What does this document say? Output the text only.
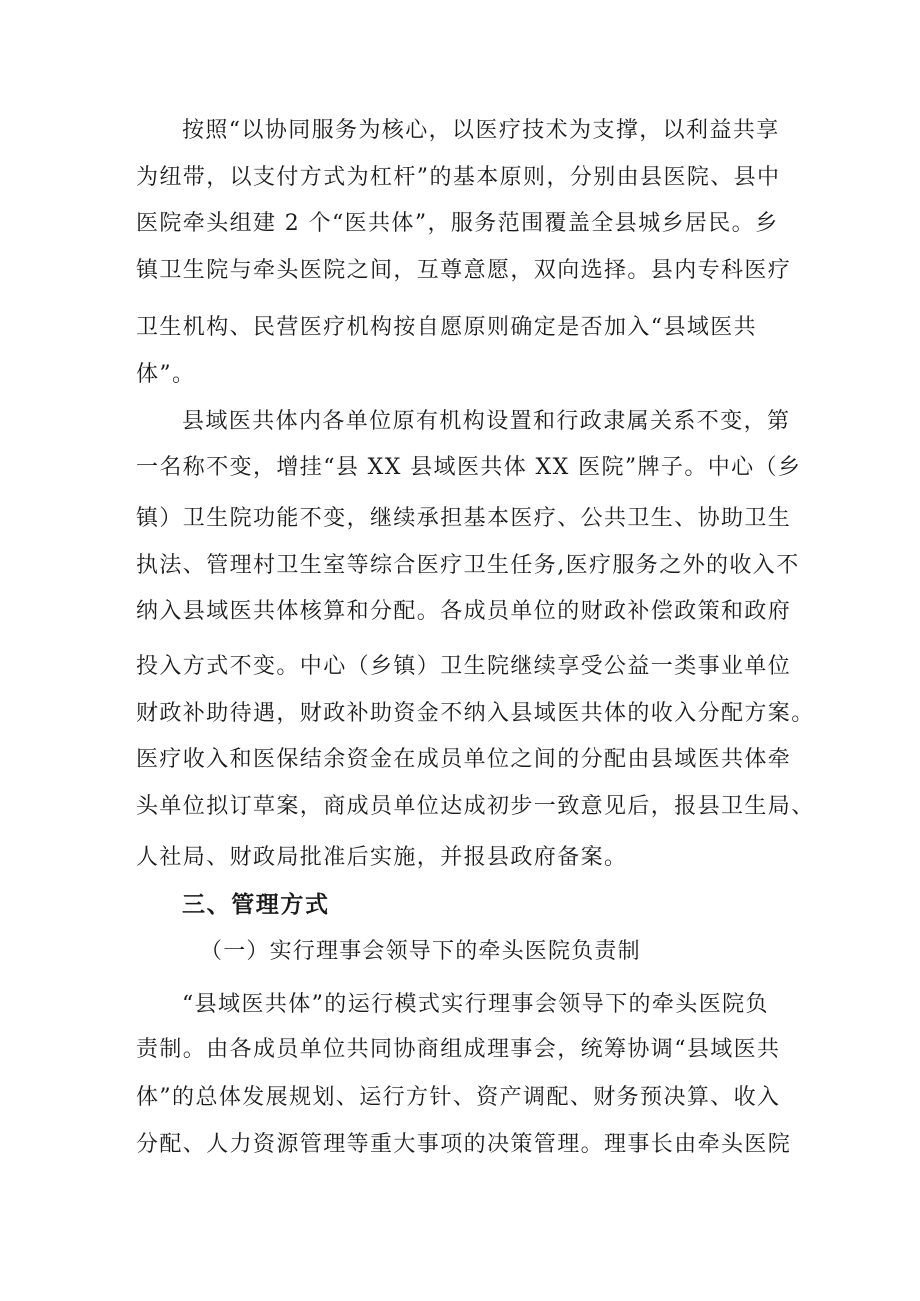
按照“以协同服务为核心，以医疗技术为支撑，以利益共享

为纽带，以支付方式为杠杆”的基本原则，分别由县医院、县中

医院牵头组建 2 个“医共体”，服务范围覆盖全县城乡居民。乡

镇卫生院与牵头医院之间，互尊意愿，双向选择。县内专科医疗

卫生机构、民营医疗机构按自愿原则确定是否加入“县域医共

体”。

县域医共体内各单位原有机构设置和行政隶属关系不变，第

一名称不变，增挂“县 XX 县域医共体 XX 医院”牌子。中心（乡

镇）卫生院功能不变，继续承担基本医疗、公共卫生、协助卫生

执法、管理村卫生室等综合医疗卫生任务,医疗服务之外的收入不

纳入县域医共体核算和分配。各成员单位的财政补偿政策和政府

投入方式不变。中心（乡镇）卫生院继续享受公益一类事业单位

财政补助待遇，财政补助资金不纳入县域医共体的收入分配方案。

医疗收入和医保结余资金在成员单位之间的分配由县域医共体牵

头单位拟订草案，商成员单位达成初步一致意见后，报县卫生局、

人社局、财政局批准后实施，并报县政府备案。

三、管理方式

（一）实行理事会领导下的牵头医院负责制

“县域医共体”的运行模式实行理事会领导下的牵头医院负

责制。由各成员单位共同协商组成理事会，统筹协调“县域医共

体”的总体发展规划、运行方针、资产调配、财务预决算、收入

分配、人力资源管理等重大事项的决策管理。理事长由牵头医院
